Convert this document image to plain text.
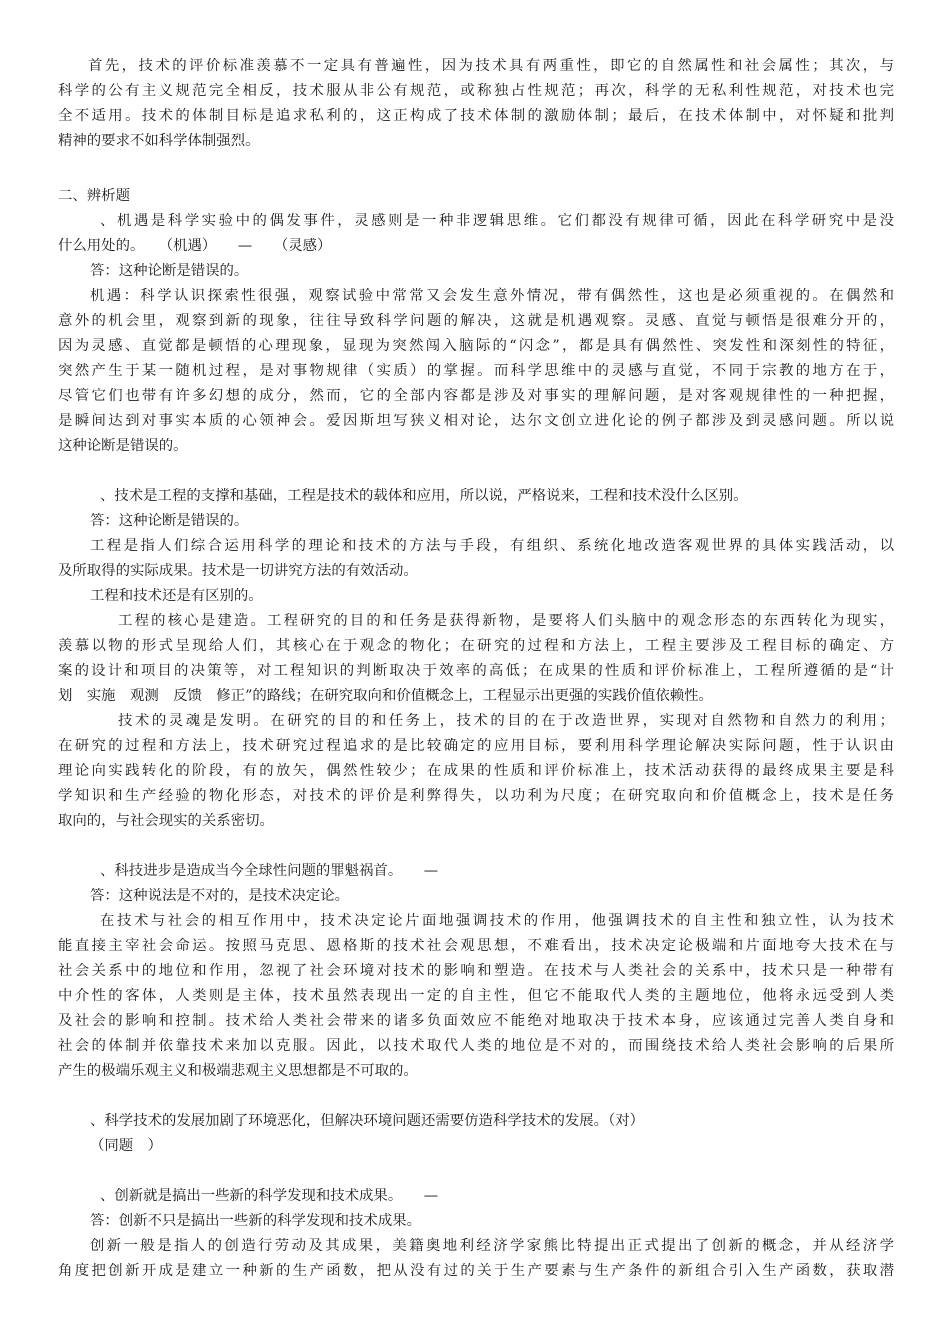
首先，技术的评价标准羡慕不一定具有普遍性，因为技术具有两重性，即它的自然属性和社会属性；其次，与
科学的公有主义规范完全相反，技术服从非公有规范，或称独占性规范；再次，科学的无私利性规范，对技术也完
全不适用。技术的体制目标是追求私利的，这正构成了技术体制的激励体制；最后，在技术体制中，对怀疑和批判
精神的要求不如科学体制强烈。
二、辨析题
、机遇是科学实验中的偶发事件，灵感则是一种非逻辑思维。它们都没有规律可循，因此在科学研究中是没
什么用处的。　　（机遇）　　—　　（灵感）
答：这种论断是错误的。
机遇：科学认识探索性很强，观察试验中常常又会发生意外情况，带有偶然性，这也是必须重视的。在偶然和
意外的机会里，观察到新的现象，往往导致科学问题的解决，这就是机遇观察。灵感、直觉与顿悟是很难分开的，
因为灵感、直觉都是顿悟的心理现象，显现为突然闯入脑际的“闪念”，都是具有偶然性、突发性和深刻性的特征，
突然产生于某一随机过程，是对事物规律（实质）的掌握。而科学思维中的灵感与直觉，不同于宗教的地方在于，
尽管它们也带有许多幻想的成分，然而，它的全部内容都是涉及对事实的理解问题，是对客观规律性的一种把握，
是瞬间达到对事实本质的心领神会。爱因斯坦写狭义相对论，达尔文创立进化论的例子都涉及到灵感问题。所以说
这种论断是错误的。
、技术是工程的支撑和基础，工程是技术的载体和应用，所以说，严格说来，工程和技术没什么区别。
答：这种论断是错误的。
工程是指人们综合运用科学的理论和技术的方法与手段，有组织、系统化地改造客观世界的具体实践活动，以
及所取得的实际成果。技术是一切讲究方法的有效活动。
工程和技术还是有区别的。
工程的核心是建造。工程研究的目的和任务是获得新物，是要将人们头脑中的观念形态的东西转化为现实，
羡慕以物的形式呈现给人们，其核心在于观念的物化；在研究的过程和方法上，工程主要涉及工程目标的确定、方
案的设计和项目的决策等，对工程知识的判断取决于效率的高低；在成果的性质和评价标准上，工程所遵循的是“计
划　实施　观测　反馈　修正”的路线；在研究取向和价值概念上，工程显示出更强的实践价值依赖性。
技术的灵魂是发明。在研究的目的和任务上，技术的目的在于改造世界，实现对自然物和自然力的利用；
在研究的过程和方法上，技术研究过程追求的是比较确定的应用目标，要利用科学理论解决实际问题，性于认识由
理论向实践转化的阶段，有的放矢，偶然性较少；在成果的性质和评价标准上，技术活动获得的最终成果主要是科
学知识和生产经验的物化形态，对技术的评价是利弊得失，以功利为尺度；在研究取向和价值概念上，技术是任务
取向的，与社会现实的关系密切。
、科技进步是造成当今全球性问题的罪魁祸首。　　—
答：这种说法是不对的，是技术决定论。
在技术与社会的相互作用中，技术决定论片面地强调技术的作用，他强调技术的自主性和独立性，认为技术
能直接主宰社会命运。按照马克思、恩格斯的技术社会观思想，不难看出，技术决定论极端和片面地夸大技术在与
社会关系中的地位和作用，忽视了社会环境对技术的影响和塑造。在技术与人类社会的关系中，技术只是一种带有
中介性的客体，人类则是主体，技术虽然表现出一定的自主性，但它不能取代人类的主题地位，他将永远受到人类
及社会的影响和控制。技术给人类社会带来的诸多负面效应不能绝对地取决于技术本身，应该通过完善人类自身和
社会的体制并依靠技术来加以克服。因此，以技术取代人类的地位是不对的，而围绕技术给人类社会影响的后果所
产生的极端乐观主义和极端悲观主义思想都是不可取的。
、科学技术的发展加剧了环境恶化，但解决环境问题还需要仿造科学技术的发展。（对）
（同题　）
、创新就是搞出一些新的科学发现和技术成果。　　—
答：创新不只是搞出一些新的科学发现和技术成果。
创新一般是指人的创造行劳动及其成果，美籍奥地利经济学家熊比特提出正式提出了创新的概念，并从经济学
角度把创新开成是建立一种新的生产函数，把从没有过的关于生产要素与生产条件的新组合引入生产函数，获取潜
